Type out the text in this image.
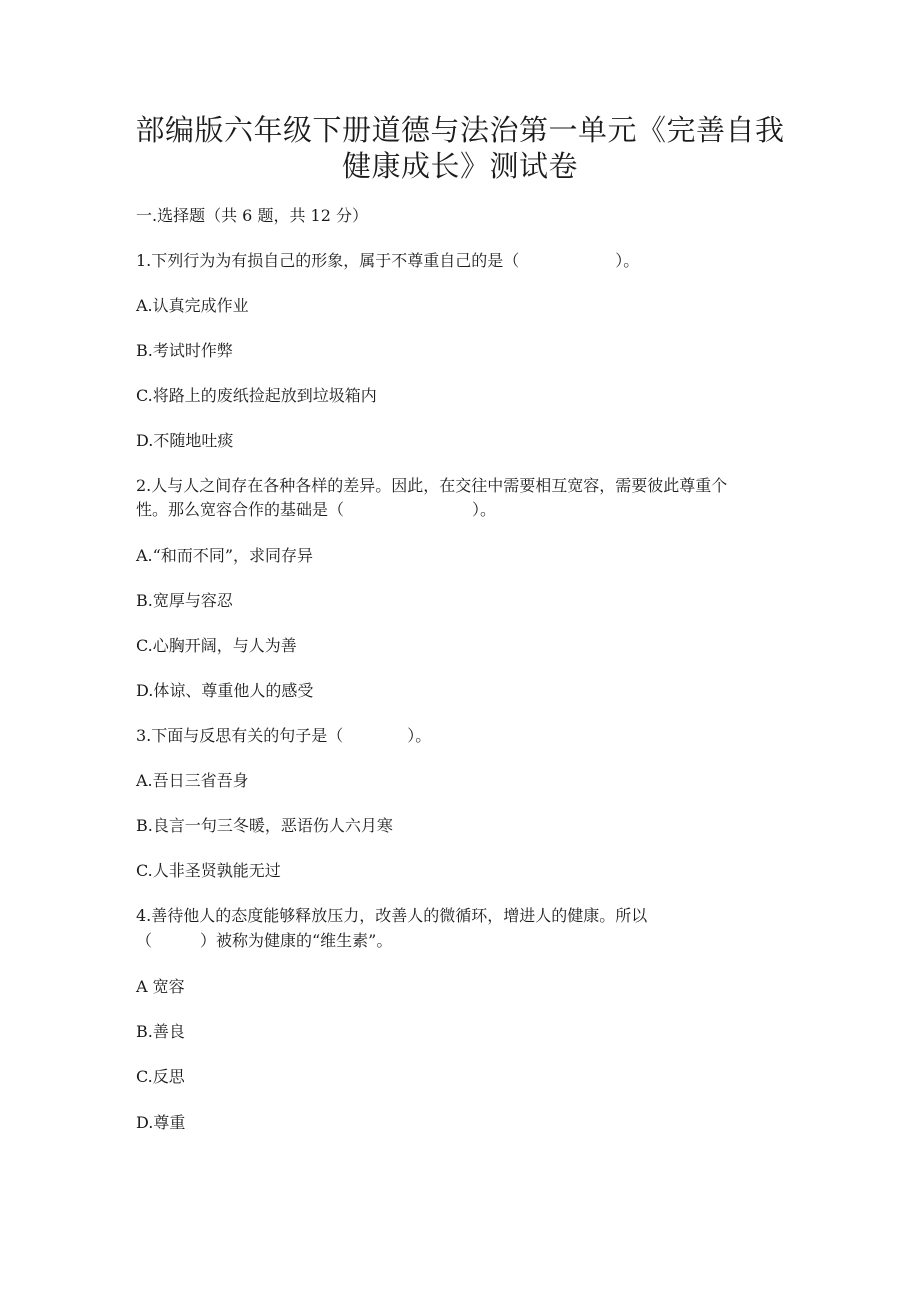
部编版六年级下册道德与法治第一单元《完善自我
健康成长》测试卷
一.选择题（共 6 题，共 12 分）
1.下列行为为有损自己的形象，属于不尊重自己的是（　　　　　　）。
A.认真完成作业
B.考试时作弊
C.将路上的废纸捡起放到垃圾箱内
D.不随地吐痰
2.人与人之间存在各种各样的差异。因此，在交往中需要相互宽容，需要彼此尊重个
性。那么宽容合作的基础是（　　　　　　　　）。
A.“和而不同”，求同存异
B.宽厚与容忍
C.心胸开阔，与人为善
D.体谅、尊重他人的感受
3.下面与反思有关的句子是（　　　　）。
A.吾日三省吾身
B.良言一句三冬暖，恶语伤人六月寒
C.人非圣贤孰能无过
4.善待他人的态度能够释放压力，改善人的微循环，增进人的健康。所以
（　　　）被称为健康的“维生素”。
A 宽容
B.善良
C.反思
D.尊重
